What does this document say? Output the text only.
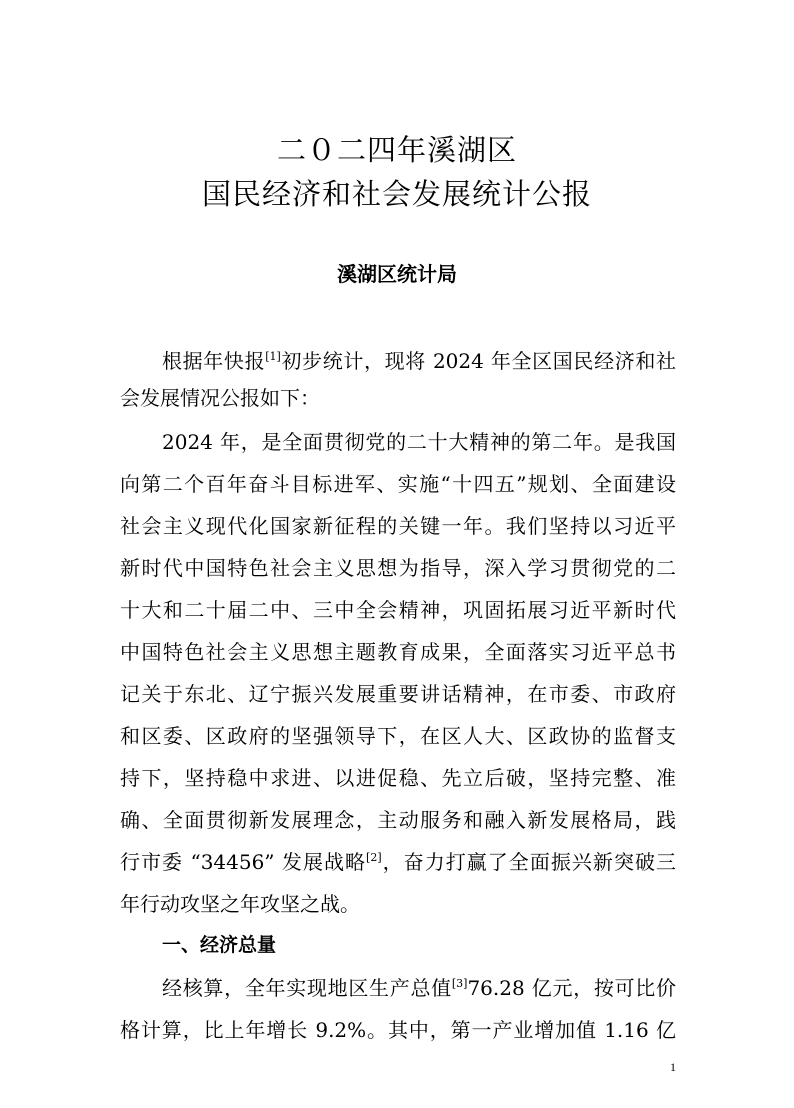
二０二四年溪湖区
国民经济和社会发展统计公报
溪湖区统计局
根据年快报[1]初步统计，现将 2024 年全区国民经济和社
会发展情况公报如下：
2024 年，是全面贯彻党的二十大精神的第二年。是我国
向第二个百年奋斗目标进军、实施“十四五”规划、全面建设
社会主义现代化国家新征程的关键一年。我们坚持以习近平
新时代中国特色社会主义思想为指导，深入学习贯彻党的二
十大和二十届二中、三中全会精神，巩固拓展习近平新时代
中国特色社会主义思想主题教育成果，全面落实习近平总书
记关于东北、辽宁振兴发展重要讲话精神，在市委、市政府
和区委、区政府的坚强领导下，在区人大、区政协的监督支
持下，坚持稳中求进、以进促稳、先立后破，坚持完整、准
确、全面贯彻新发展理念，主动服务和融入新发展格局，践
行市委 “34456” 发展战略[2]，奋力打赢了全面振兴新突破三
年行动攻坚之年攻坚之战。
一、经济总量
经核算，全年实现地区生产总值[3]76.28 亿元，按可比价
格计算，比上年增长 9.2%。其中，第一产业增加值 1.16 亿
1
